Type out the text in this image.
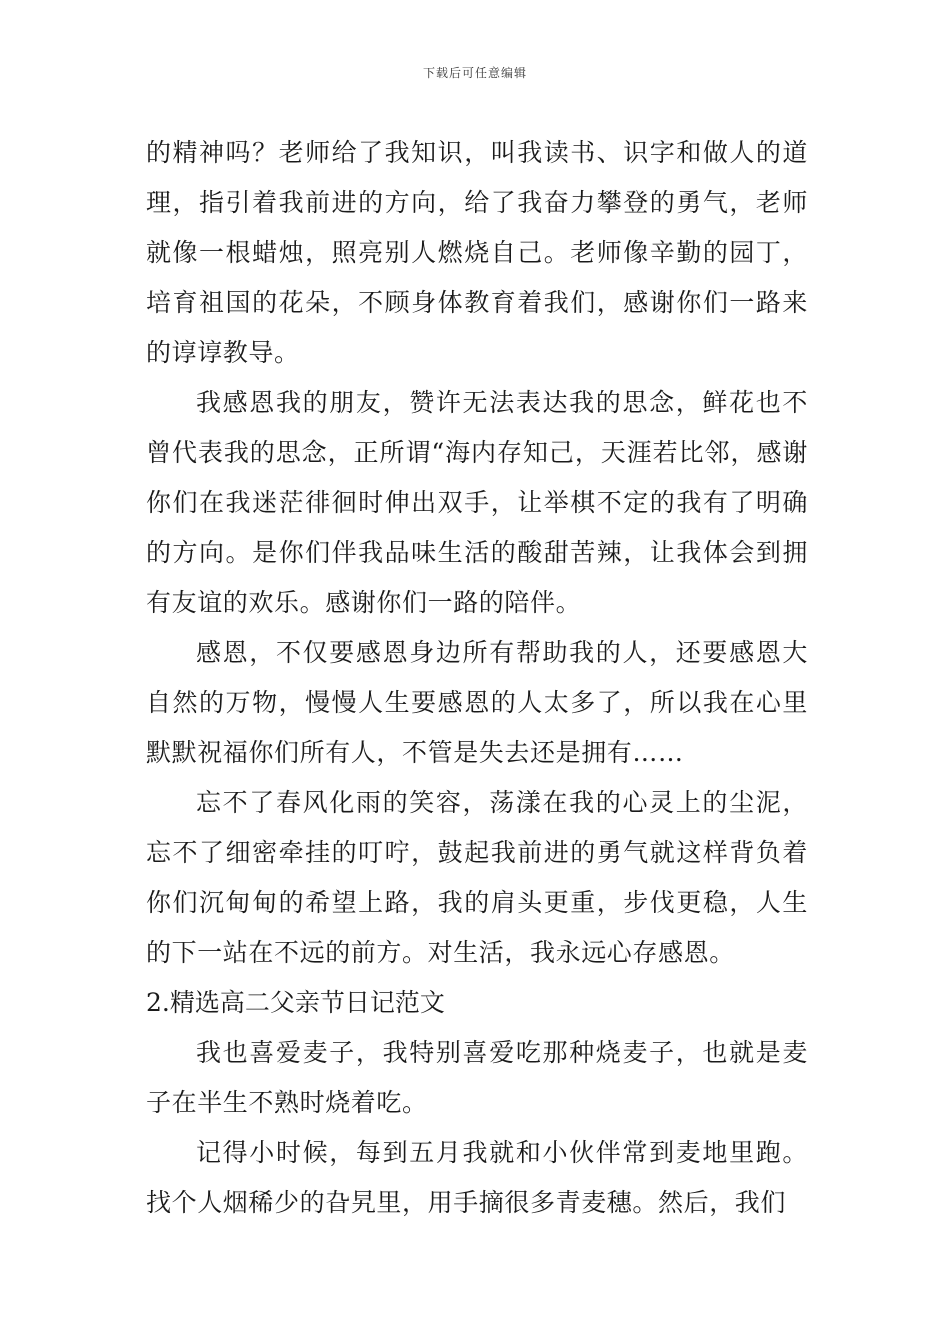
下载后可任意编辑

的精神吗？老师给了我知识，叫我读书、识字和做人的道理，指引着我前进的方向，给了我奋力攀登的勇气，老师就像一根蜡烛，照亮别人燃烧自己。老师像辛勤的园丁，培育祖国的花朵，不顾身体教育着我们，感谢你们一路来的谆谆教导。

我感恩我的朋友，赞许无法表达我的思念，鲜花也不曾代表我的思念，正所谓“海内存知己，天涯若比邻，感谢你们在我迷茫徘徊时伸出双手，让举棋不定的我有了明确的方向。是你们伴我品味生活的酸甜苦辣，让我体会到拥有友谊的欢乐。感谢你们一路的陪伴。

感恩，不仅要感恩身边所有帮助我的人，还要感恩大自然的万物，慢慢人生要感恩的人太多了，所以我在心里默默祝福你们所有人，不管是失去还是拥有……

忘不了春风化雨的笑容，荡漾在我的心灵上的尘泥，忘不了细密牵挂的叮咛，鼓起我前进的勇气就这样背负着你们沉甸甸的希望上路，我的肩头更重，步伐更稳，人生的下一站在不远的前方。对生活，我永远心存感恩。

2.精选高二父亲节日记范文

我也喜爱麦子，我特别喜爱吃那种烧麦子，也就是麦子在半生不熟时烧着吃。

记得小时候，每到五月我就和小伙伴常到麦地里跑。找个人烟稀少的旮旯里，用手摘很多青麦穗。然后，我们
